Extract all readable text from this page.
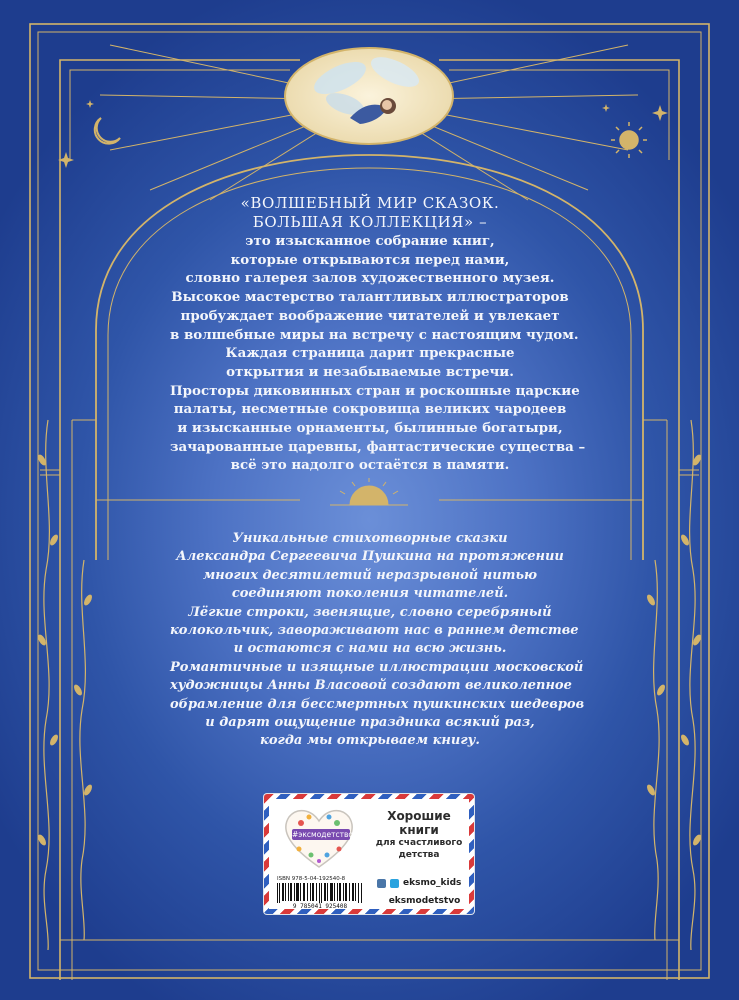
«ВОЛШЕБНЫЙ МИР СКАЗОК.
БОЛЬШАЯ КОЛЛЕКЦИЯ» –
это изысканное собрание книг,
которые открываются перед нами,
словно галерея залов художественного музея.
Высокое мастерство талантливых иллюстраторов
пробуждает воображение читателей и увлекает
в волшебные миры на встречу с настоящим чудом.
Каждая страница дарит прекрасные
открытия и незабываемые встречи.
Просторы диковинных стран и роскошные царские
палаты, несметные сокровища великих чародеев
и изысканные орнаменты, былинные богатыри,
зачарованные царевны, фантастические существа –
всё это надолго остаётся в памяти.
Уникальные стихотворные сказки
Александра Сергеевича Пушкина на протяжении
многих десятилетий неразрывной нитью
соединяют поколения читателей.
Лёгкие строки, звенящие, словно серебряный
колокольчик, завораживают нас в раннем детстве
и остаются с нами на всю жизнь.
Романтичные и изящные иллюстрации московской
художницы Анны Власовой создают великолепное
обрамление для бессмертных пушкинских шедевров
и дарят ощущение праздника всякий раз,
когда мы открываем книгу.
#эксмодетство
Хорошие
книги
для счастливого
детства
ISBN 978-5-04-192540-8
9 785041 925408
eksmo_kids
eksmodetstvo
